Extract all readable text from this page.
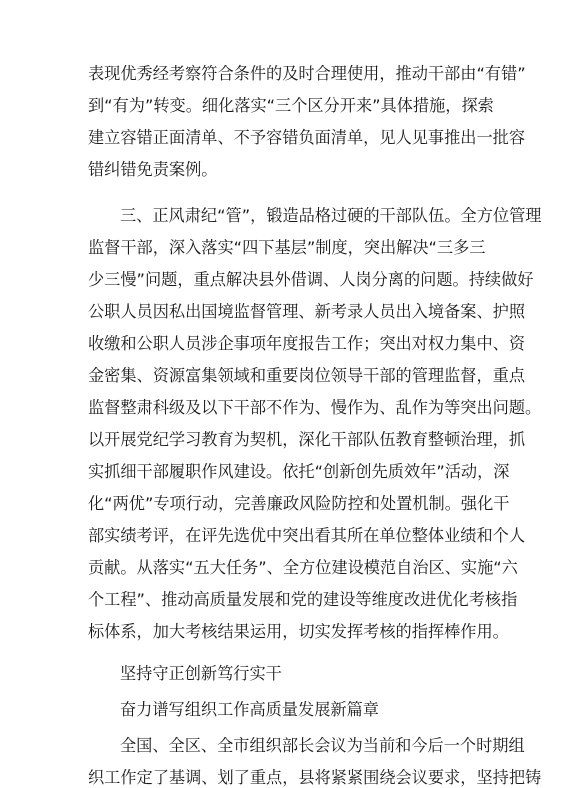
表现优秀经考察符合条件的及时合理使用，推动干部由“有错”
到“有为”转变。细化落实“三个区分开来”具体措施，探索
建立容错正面清单、不予容错负面清单，见人见事推出一批容
错纠错免责案例。
三、正风肃纪“管”，锻造品格过硬的干部队伍。全方位管理
监督干部，深入落实“四下基层”制度，突出解决“三多三
少三慢”问题，重点解决县外借调、人岗分离的问题。持续做好
公职人员因私出国境监督管理、新考录人员出入境备案、护照
收缴和公职人员涉企事项年度报告工作；突出对权力集中、资
金密集、资源富集领域和重要岗位领导干部的管理监督，重点
监督整肃科级及以下干部不作为、慢作为、乱作为等突出问题。
以开展党纪学习教育为契机，深化干部队伍教育整顿治理，抓
实抓细干部履职作风建设。依托“创新创先质效年”活动，深
化“两优”专项行动，完善廉政风险防控和处置机制。强化干
部实绩考评，在评先选优中突出看其所在单位整体业绩和个人
贡献。从落实“五大任务”、全方位建设模范自治区、实施“六
个工程”、推动高质量发展和党的建设等维度改进优化考核指
标体系，加大考核结果运用，切实发挥考核的指挥棒作用。
坚持守正创新笃行实干
奋力谱写组织工作高质量发展新篇章
全国、全区、全市组织部长会议为当前和今后一个时期组
织工作定了基调、划了重点，县将紧紧围绕会议要求，坚持把铸
